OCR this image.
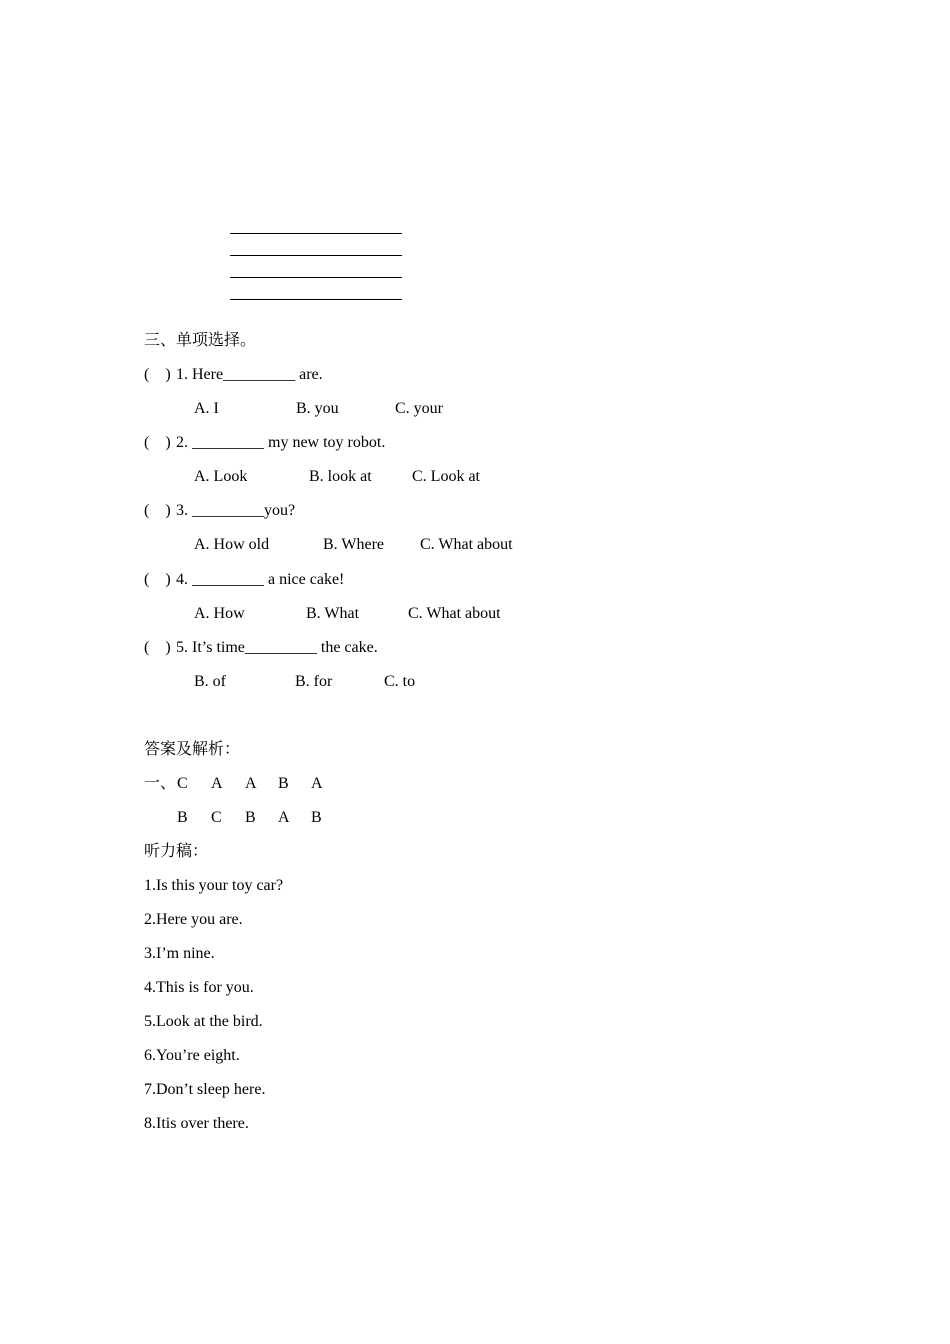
三、单项选择。
(    ) 1. Here_________ are.
A. I	B. you	C. your
(    ) 2. _________ my new toy robot.
A. Look	B. look at	C. Look at
(    ) 3. _________you?
A. How old	B. Where C. What about
(    ) 4. _________ a nice cake!
A. How	B. What	C. What about
(    ) 5. It’s time_________ the cake.
B. of	B. for	C. to
答案及解析：
一、 C A A B A
B C B A B
听力稿：
1.Is this your toy car?
2.Here you are.
3.I’m nine.
4.This is for you.
5.Look at the bird.
6.You’re eight.
7.Don’t sleep here.
8.Itis over there.
